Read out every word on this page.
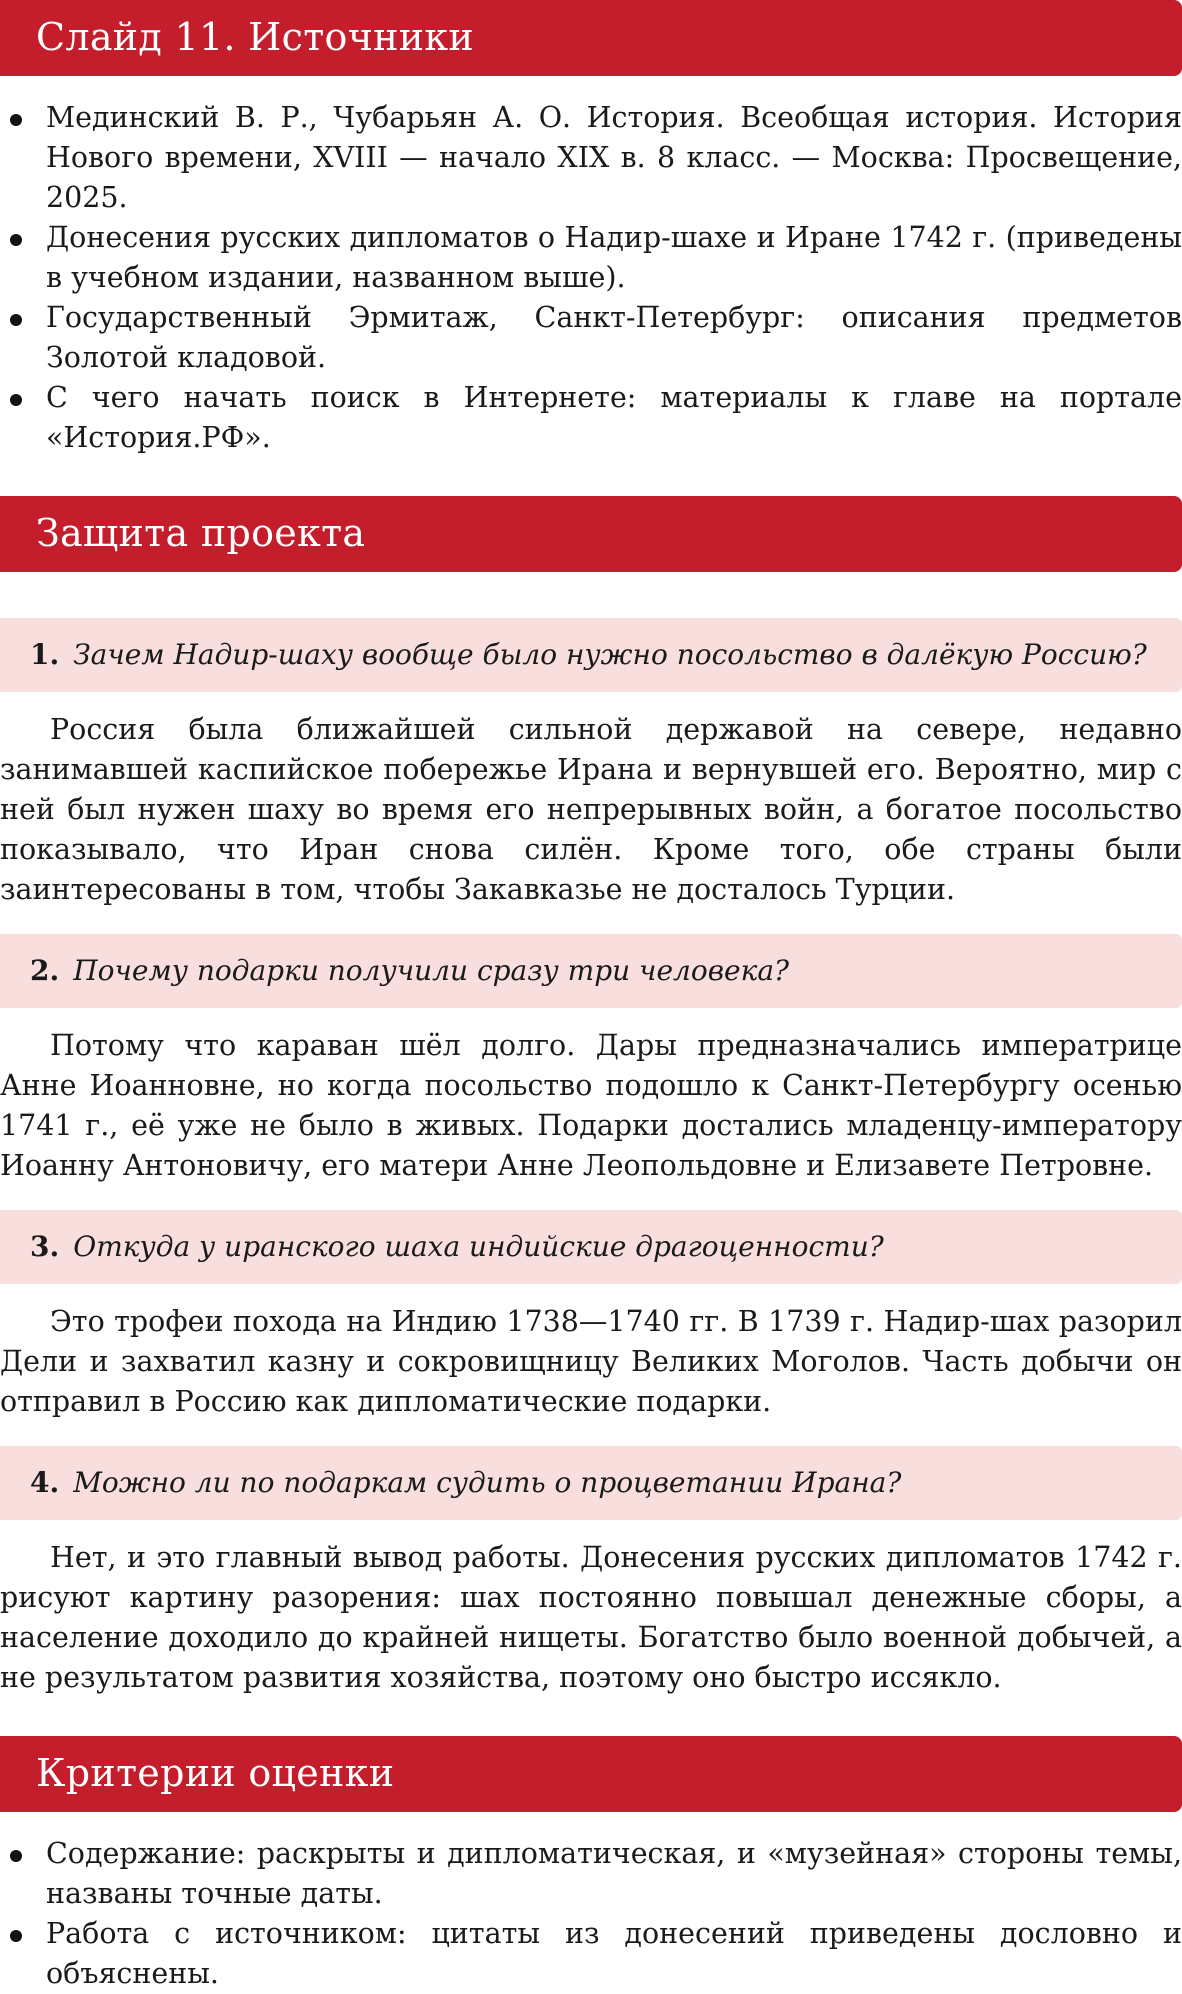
Слайд 11. Источники
Мединский В. Р., Чубарьян А. О. История. Всеобщая история. История Нового времени, XVIII — начало XIX в. 8 класс. — Москва: Просвещение, 2025.
Донесения русских дипломатов о Надир-шахе и Иране 1742 г. (приведены в учебном издании, названном выше).
Государственный Эрмитаж, Санкт-Петербург: описания предметов Золотой кладовой.
С чего начать поиск в Интернете: материалы к главе на портале «История.РФ».
Защита проекта
1. Зачем Надир-шаху вообще было нужно посольство в далёкую Россию?

Россия была ближайшей сильной державой на севере, недавно занимавшей каспийское побережье Ирана и вернувшей его. Вероятно, мир с ней был нужен шаху во время его непрерывных войн, а богатое посольство показывало, что Иран снова силён. Кроме того, обе страны были заинтересованы в том, чтобы Закавказье не досталось Турции.

2. Почему подарки получили сразу три человека?

Потому что караван шёл долго. Дары предназначались императрице Анне Иоанновне, но когда посольство подошло к Санкт-Петербургу осенью 1741 г., её уже не было в живых. Подарки достались младенцу-императору Иоанну Антоновичу, его матери Анне Леопольдовне и Елизавете Петровне.

3. Откуда у иранского шаха индийские драгоценности?

Это трофеи похода на Индию 1738—1740 гг. В 1739 г. Надир-шах разорил Дели и захватил казну и сокровищницу Великих Моголов. Часть добычи он отправил в Россию как дипломатические подарки.

4. Можно ли по подаркам судить о процветании Ирана?

Нет, и это главный вывод работы. Донесения русских дипломатов 1742 г. рисуют картину разорения: шах постоянно повышал денежные сборы, а население доходило до крайней нищеты. Богатство было военной добычей, а не результатом развития хозяйства, поэтому оно быстро иссякло.

Критерии оценки
Содержание: раскрыты и дипломатическая, и «музейная» стороны темы, названы точные даты.
Работа с источником: цитаты из донесений приведены дословно и объяснены.
